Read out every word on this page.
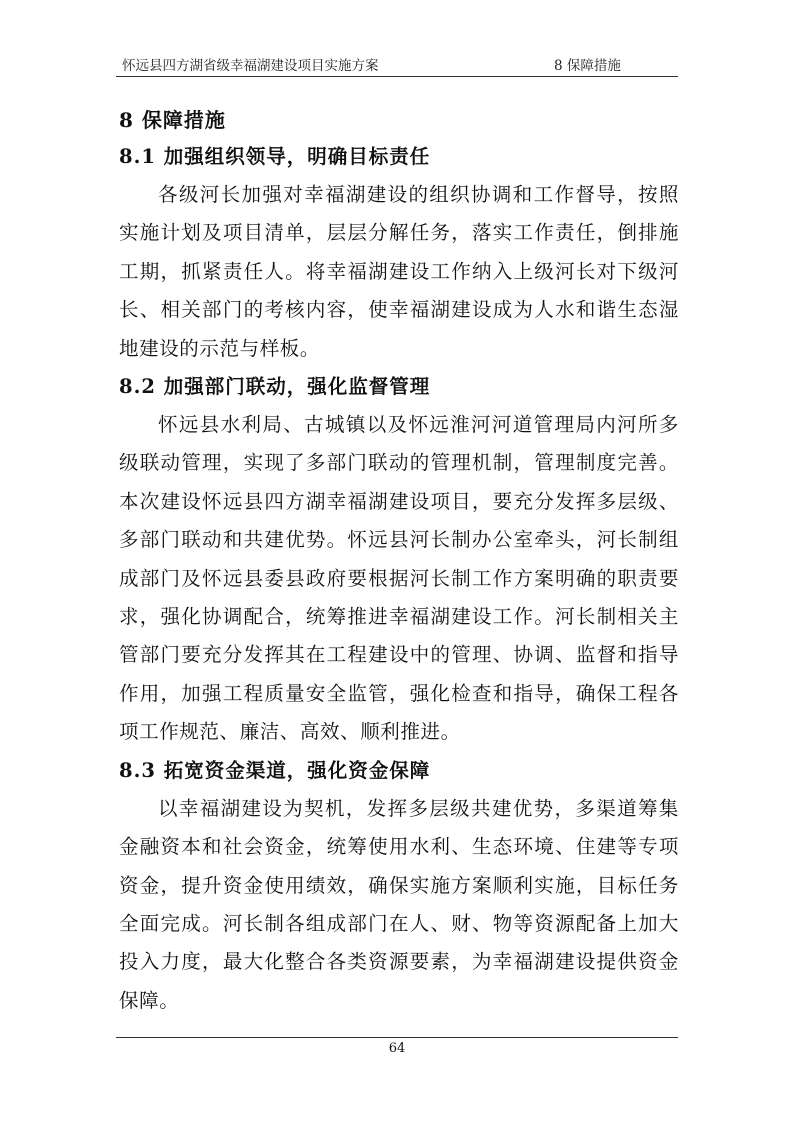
怀远县四方湖省级幸福湖建设项目实施方案	8 保障措施
8 保障措施
8.1 加强组织领导，明确目标责任

各级河长加强对幸福湖建设的组织协调和工作督导，按照实施计划及项目清单，层层分解任务，落实工作责任，倒排施工期，抓紧责任人。将幸福湖建设工作纳入上级河长对下级河长、相关部门的考核内容，使幸福湖建设成为人水和谐生态湿地建设的示范与样板。

8.2 加强部门联动，强化监督管理

怀远县水利局、古城镇以及怀远淮河河道管理局内河所多级联动管理，实现了多部门联动的管理机制，管理制度完善。本次建设怀远县四方湖幸福湖建设项目，要充分发挥多层级、多部门联动和共建优势。怀远县河长制办公室牵头，河长制组成部门及怀远县委县政府要根据河长制工作方案明确的职责要求，强化协调配合，统筹推进幸福湖建设工作。河长制相关主管部门要充分发挥其在工程建设中的管理、协调、监督和指导作用，加强工程质量安全监管，强化检查和指导，确保工程各项工作规范、廉洁、高效、顺利推进。

8.3 拓宽资金渠道，强化资金保障

以幸福湖建设为契机，发挥多层级共建优势，多渠道筹集金融资本和社会资金，统筹使用水利、生态环境、住建等专项资金，提升资金使用绩效，确保实施方案顺利实施，目标任务全面完成。河长制各组成部门在人、财、物等资源配备上加大投入力度，最大化整合各类资源要素，为幸福湖建设提供资金保障。

64
